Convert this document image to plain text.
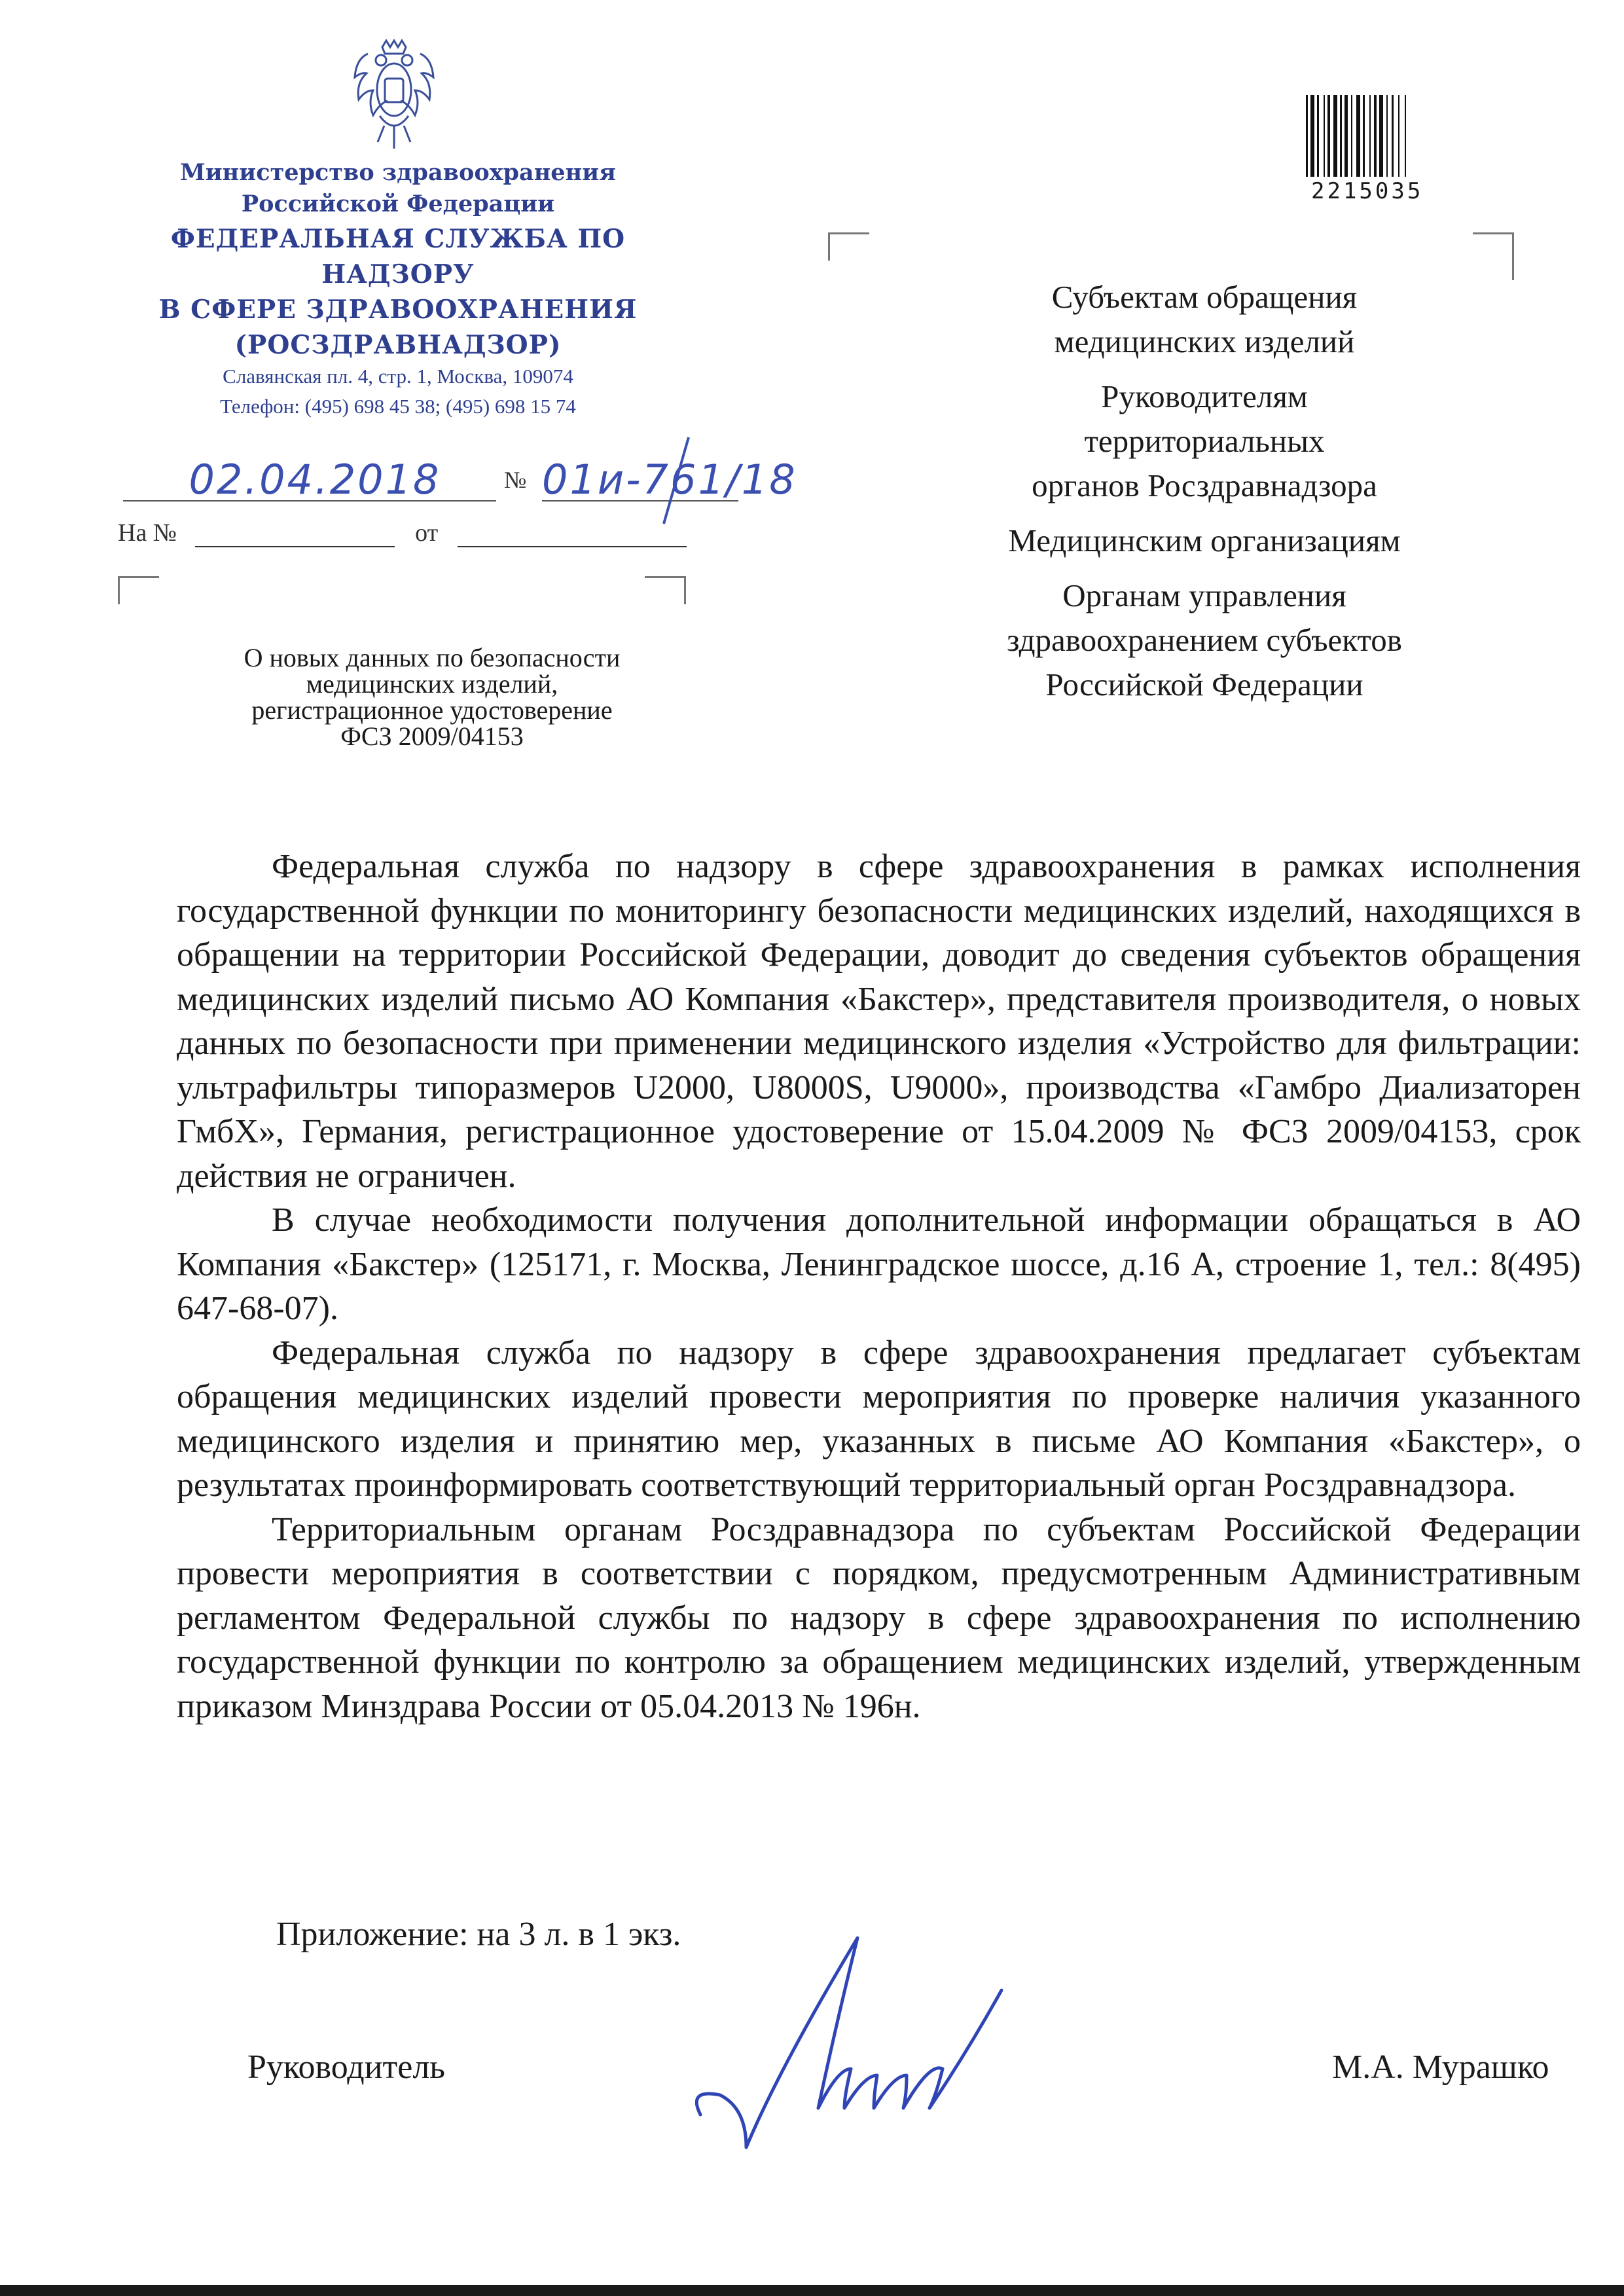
Министерство здравоохранения
Российской Федерации
ФЕДЕРАЛЬНАЯ СЛУЖБА ПО НАДЗОРУ
В СФЕРЕ ЗДРАВООХРАНЕНИЯ
(РОСЗДРАВНАДЗОР)
Славянская пл. 4, стр. 1, Москва, 109074
Телефон: (495) 698 45 38; (495) 698 15 74
02.04.2018	№ 01и-761/18
На №	от
О новых данных по безопасности
медицинских изделий,
регистрационное удостоверение
ФСЗ 2009/04153
2215035
Субъектам обращения
медицинских изделий
Руководителям
территориальных
органов Росздравнадзора
Медицинским организациям
Органам управления
здравоохранением субъектов
Российской Федерации

Федеральная служба по надзору в сфере здравоохранения в рамках исполнения государственной функции по мониторингу безопасности медицинских изделий, находящихся в обращении на территории Российской Федерации, доводит до сведения субъектов обращения медицинских изделий письмо АО Компания «Бакстер», представителя производителя, о новых данных по безопасности при применении медицинского изделия «Устройство для фильтрации: ультрафильтры типоразмеров U2000, U8000S, U9000», производства «Гамбро Диализаторен ГмбХ», Германия, регистрационное удостоверение от 15.04.2009 № ФСЗ 2009/04153, срок действия не ограничен.

В случае необходимости получения дополнительной информации обращаться в АО Компания «Бакстер» (125171, г. Москва, Ленинградское шоссе, д.16 А, строение 1, тел.: 8(495) 647-68-07).

Федеральная служба по надзору в сфере здравоохранения предлагает субъектам обращения медицинских изделий провести мероприятия по проверке наличия указанного медицинского изделия и принятию мер, указанных в письме АО Компания «Бакстер», о результатах проинформировать соответствующий территориальный орган Росздравнадзора.

Территориальным органам Росздравнадзора по субъектам Российской Федерации провести мероприятия в соответствии с порядком, предусмотренным Административным регламентом Федеральной службы по надзору в сфере здравоохранения по исполнению государственной функции по контролю за обращением медицинских изделий, утвержденным приказом Минздрава России от 05.04.2013 № 196н.

Приложение: на 3 л. в 1 экз.
Руководитель	М.А. Мурашко
